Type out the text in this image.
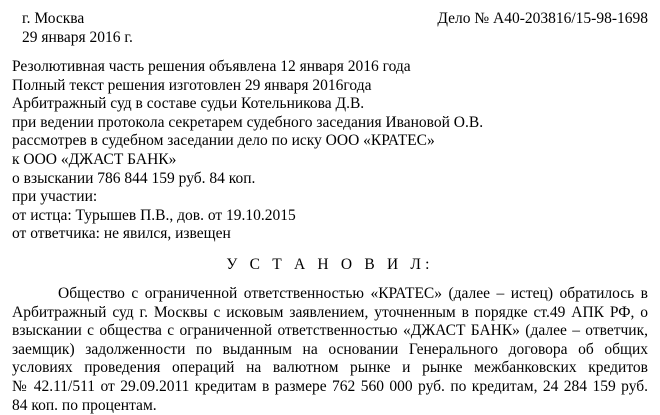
г. Москва
29 января 2016 г.
Дело № А40-203816/15-98-1698
Резолютивная часть решения объявлена 12 января 2016 года
Полный текст решения изготовлен 29 января 2016года
Арбитражный суд в составе судьи Котельникова Д.В.
при ведении протокола секретарем судебного заседания Ивановой О.В.
рассмотрев в судебном заседании дело по иску ООО «КРАТЕС»
к ООО «ДЖАСТ БАНК»
о взыскании 786 844 159 руб. 84 коп.
при участии:
от истца: Турышев П.В., дов. от 19.10.2015
от ответчика: не явился, извещен
У С Т А Н О В И Л:
Общество с ограниченной ответственностью «КРАТЕС» (далее – истец) обратилось в
Арбитражный суд г. Москвы с исковым заявлением, уточненным в порядке ст.49 АПК РФ, о
взыскании с общества с ограниченной ответственностью «ДЖАСТ БАНК» (далее – ответчик,
заемщик) задолженности по выданным на основании Генерального договора об общих
условиях проведения операций на валютном рынке и рынке межбанковских кредитов
№ 42.11/511 от 29.09.2011 кредитам в размере 762 560 000 руб. по кредитам, 24 284 159 руб.
84 коп. по процентам.
